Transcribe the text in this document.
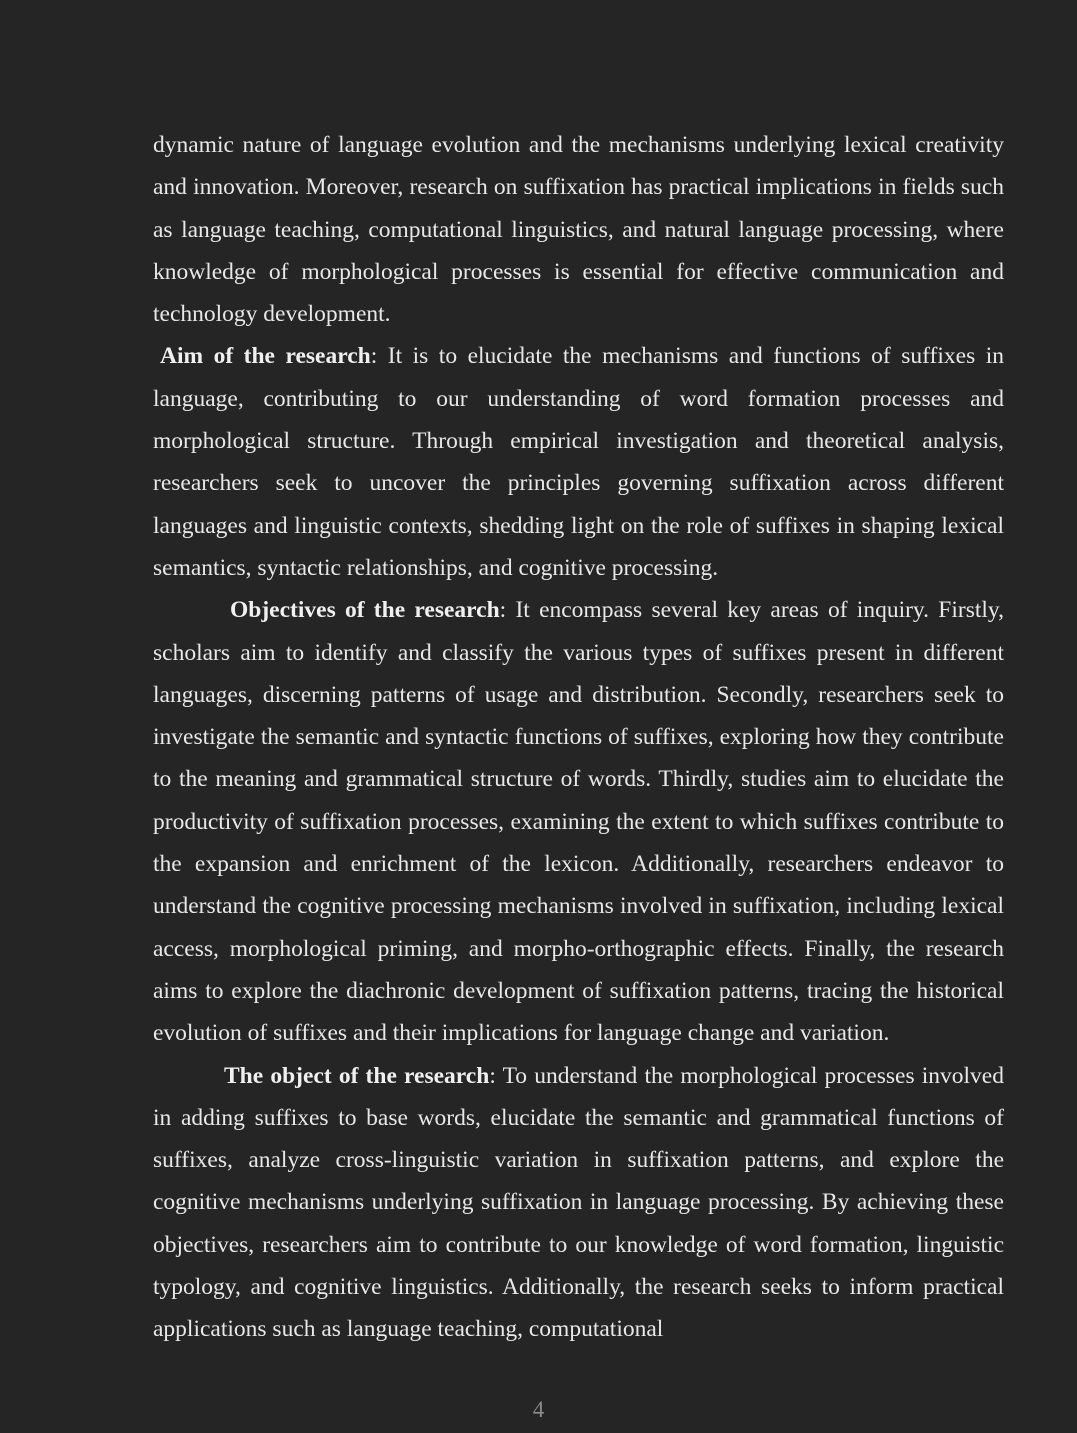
dynamic nature of language evolution and the mechanisms underlying lexical creativity and innovation. Moreover, research on suffixation has practical implications in fields such as language teaching, computational linguistics, and natural language processing, where knowledge of morphological processes is essential for effective communication and technology development.

Aim of the research: It is to elucidate the mechanisms and functions of suffixes in language, contributing to our understanding of word formation processes and morphological structure. Through empirical investigation and theoretical analysis, researchers seek to uncover the principles governing suffixation across different languages and linguistic contexts, shedding light on the role of suffixes in shaping lexical semantics, syntactic relationships, and cognitive processing.

Objectives of the research: It encompass several key areas of inquiry. Firstly, scholars aim to identify and classify the various types of suffixes present in different languages, discerning patterns of usage and distribution. Secondly, researchers seek to investigate the semantic and syntactic functions of suffixes, exploring how they contribute to the meaning and grammatical structure of words. Thirdly, studies aim to elucidate the productivity of suffixation processes, examining the extent to which suffixes contribute to the expansion and enrichment of the lexicon. Additionally, researchers endeavor to understand the cognitive processing mechanisms involved in suffixation, including lexical access, morphological priming, and morpho-orthographic effects. Finally, the research aims to explore the diachronic development of suffixation patterns, tracing the historical evolution of suffixes and their implications for language change and variation.

The object of the research: To understand the morphological processes involved in adding suffixes to base words, elucidate the semantic and grammatical functions of suffixes, analyze cross-linguistic variation in suffixation patterns, and explore the cognitive mechanisms underlying suffixation in language processing. By achieving these objectives, researchers aim to contribute to our knowledge of word formation, linguistic typology, and cognitive linguistics. Additionally, the research seeks to inform practical applications such as language teaching, computational

4
